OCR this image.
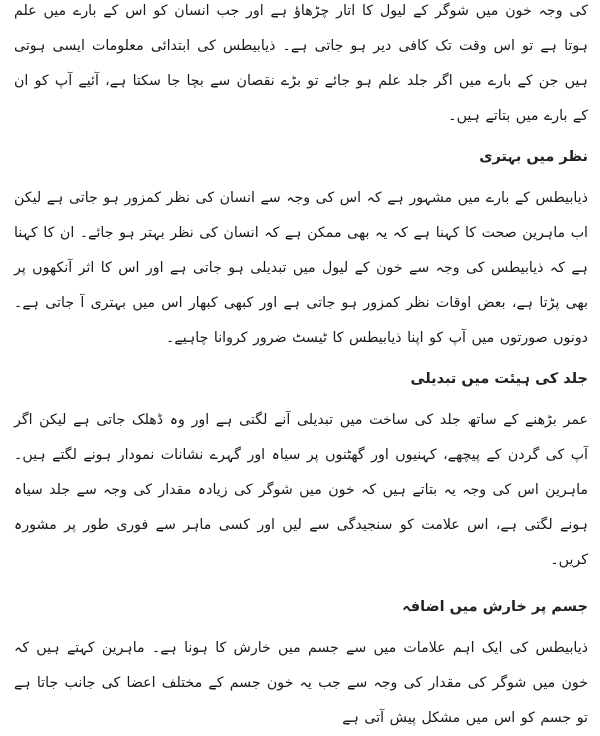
کی وجہ خون میں شوگر کے لیول کا اتار چڑھاؤ ہے اور جب انسان کو اس کے بارے میں علم ہوتا ہے تو اس وقت تک کافی دیر ہو جاتی ہے۔ ذیابیطس کی ابتدائی معلومات ایسی ہوتی ہیں جن کے بارے میں اگر جلد علم ہو جائے تو بڑے نقصان سے بچا جا سکتا ہے، آئیے آپ کو ان کے بارے میں بتاتے ہیں۔

نظر میں بہتری

ذیابیطس کے بارے میں مشہور ہے کہ اس کی وجہ سے انسان کی نظر کمزور ہو جاتی ہے لیکن اب ماہرین صحت کا کہنا ہے کہ یہ بھی ممکن ہے کہ انسان کی نظر بہتر ہو جائے۔ ان کا کہنا ہے کہ ذیابیطس کی وجہ سے خون کے لیول میں تبدیلی ہو جاتی ہے اور اس کا اثر آنکھوں پر بھی پڑتا ہے، بعض اوقات نظر کمزور ہو جاتی ہے اور کبھی کبھار اس میں بہتری آ جاتی ہے۔ دونوں صورتوں میں آپ کو اپنا ذیابیطس کا ٹیسٹ ضرور کروانا چاہیے۔

جلد کی ہیئت میں تبدیلی

عمر بڑھنے کے ساتھ جلد کی ساخت میں تبدیلی آنے لگتی ہے اور وہ ڈھلک جاتی ہے لیکن اگر آپ کی گردن کے پیچھے، کہنیوں اور گھٹنوں پر سیاہ اور گہرے نشانات نمودار ہونے لگتے ہیں۔ ماہرین اس کی وجہ یہ بتاتے ہیں کہ خون میں شوگر کی زیادہ مقدار کی وجہ سے جلد سیاہ ہونے لگتی ہے، اس علامت کو سنجیدگی سے لیں اور کسی ماہر سے فوری طور پر مشورہ کریں۔

جسم پر خارش میں اضافہ

ذیابیطس کی ایک اہم علامات میں سے جسم میں خارش کا ہونا ہے۔ ماہرین کہتے ہیں کہ خون میں شوگر کی مقدار کی وجہ سے جب یہ خون جسم کے مختلف اعضا کی جانب جاتا ہے تو جسم کو اس میں مشکل پیش آتی ہے
